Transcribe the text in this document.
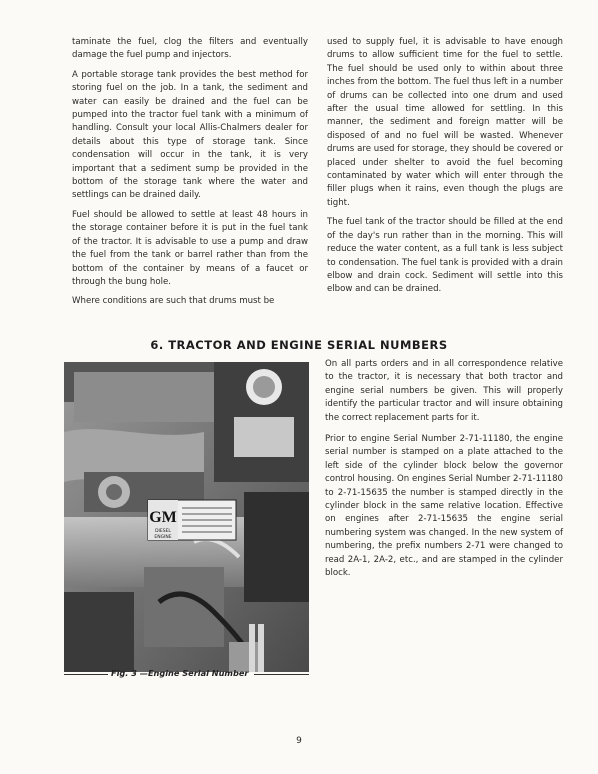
taminate the fuel, clog the filters and eventually damage the fuel pump and injectors.

A portable storage tank provides the best method for storing fuel on the job. In a tank, the sediment and water can easily be drained and the fuel can be pumped into the tractor fuel tank with a minimum of handling. Consult your local Allis-Chalmers dealer for details about this type of storage tank. Since condensation will occur in the tank, it is very important that a sediment sump be provided in the bottom of the storage tank where the water and settlings can be drained daily.

Fuel should be allowed to settle at least 48 hours in the storage container before it is put in the fuel tank of the tractor. It is advisable to use a pump and draw the fuel from the tank or barrel rather than from the bottom of the container by means of a faucet or through the bung hole.

Where conditions are such that drums must be

used to supply fuel, it is advisable to have enough drums to allow sufficient time for the fuel to settle. The fuel should be used only to within about three inches from the bottom. The fuel thus left in a number of drums can be collected into one drum and used after the usual time allowed for settling. In this manner, the sediment and foreign matter will be disposed of and no fuel will be wasted. Whenever drums are used for storage, they should be covered or placed under shelter to avoid the fuel becoming contaminated by water which will enter through the filler plugs when it rains, even though the plugs are tight.

The fuel tank of the tractor should be filled at the end of the day's run rather than in the morning. This will reduce the water content, as a full tank is less subject to condensation. The fuel tank is provided with a drain elbow and drain cock. Sediment will settle into this elbow and can be drained.

6. TRACTOR AND ENGINE SERIAL NUMBERS
GM
DIESEL
ENGINE
Fig. 3 —Engine Serial Number

On all parts orders and in all correspondence relative to the tractor, it is necessary that both tractor and engine serial numbers be given. This will properly identify the particular tractor and will insure obtaining the correct replacement parts for it.

Prior to engine Serial Number 2-71-11180, the engine serial number is stamped on a plate attached to the left side of the cylinder block below the governor control housing. On engines Serial Number 2-71-11180 to 2-71-15635 the number is stamped directly in the cylinder block in the same relative location. Effective on engines after 2-71-15635 the engine serial numbering system was changed. In the new system of numbering, the prefix numbers 2-71 were changed to read 2A-1, 2A-2, etc., and are stamped in the cylinder block.

9
